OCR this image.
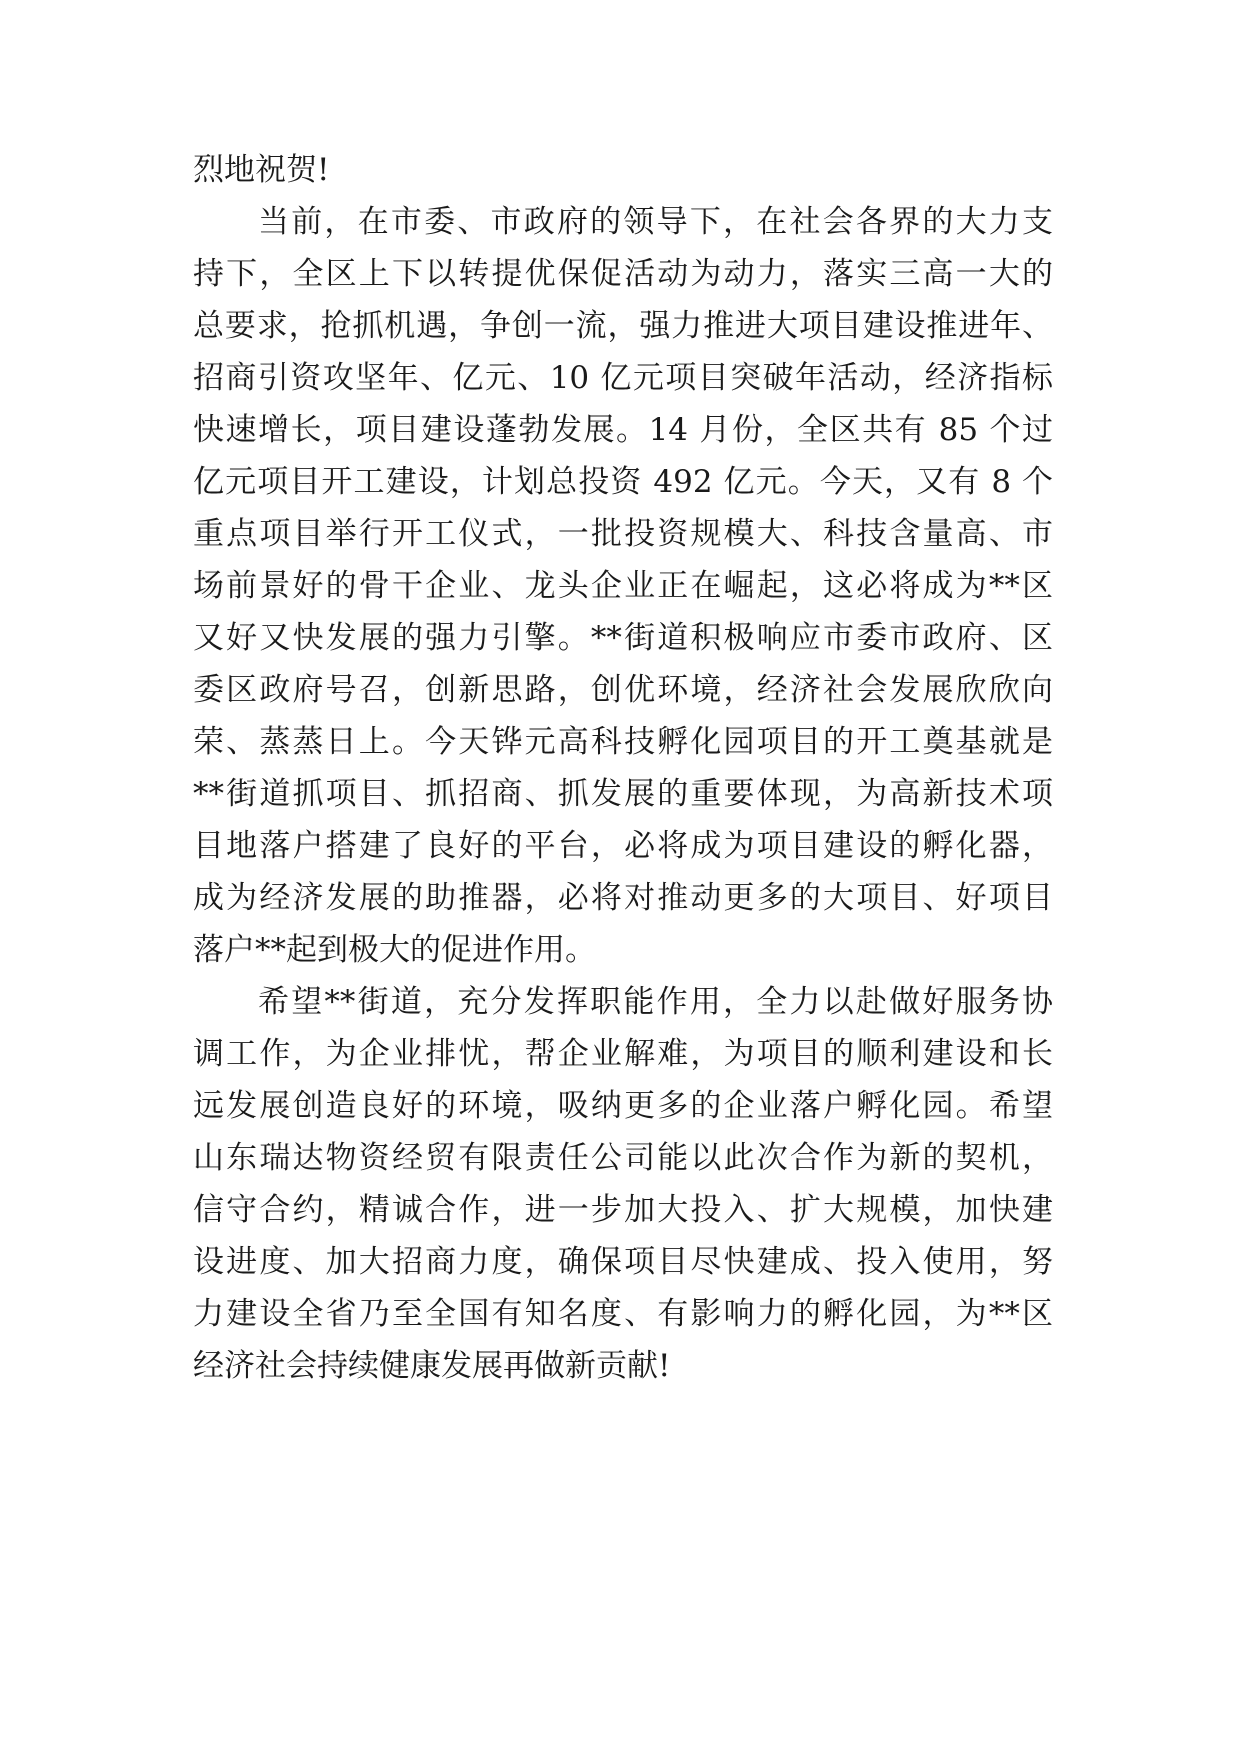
烈地祝贺!
当前，在市委、市政府的领导下，在社会各界的大力支
持下，全区上下以转提优保促活动为动力，落实三高一大的
总要求，抢抓机遇，争创一流，强力推进大项目建设推进年、
招商引资攻坚年、亿元、10 亿元项目突破年活动，经济指标
快速增长，项目建设蓬勃发展。14 月份，全区共有 85 个过
亿元项目开工建设，计划总投资 492 亿元。今天，又有 8 个
重点项目举行开工仪式，一批投资规模大、科技含量高、市
场前景好的骨干企业、龙头企业正在崛起，这必将成为**区
又好又快发展的强力引擎。**街道积极响应市委市政府、区
委区政府号召，创新思路，创优环境，经济社会发展欣欣向
荣、蒸蒸日上。今天铧元高科技孵化园项目的开工奠基就是
**街道抓项目、抓招商、抓发展的重要体现，为高新技术项
目地落户搭建了良好的平台，必将成为项目建设的孵化器，
成为经济发展的助推器，必将对推动更多的大项目、好项目
落户**起到极大的促进作用。
希望**街道，充分发挥职能作用，全力以赴做好服务协
调工作，为企业排忧，帮企业解难，为项目的顺利建设和长
远发展创造良好的环境，吸纳更多的企业落户孵化园。希望
山东瑞达物资经贸有限责任公司能以此次合作为新的契机，
信守合约，精诚合作，进一步加大投入、扩大规模，加快建
设进度、加大招商力度，确保项目尽快建成、投入使用，努
力建设全省乃至全国有知名度、有影响力的孵化园，为**区
经济社会持续健康发展再做新贡献!
